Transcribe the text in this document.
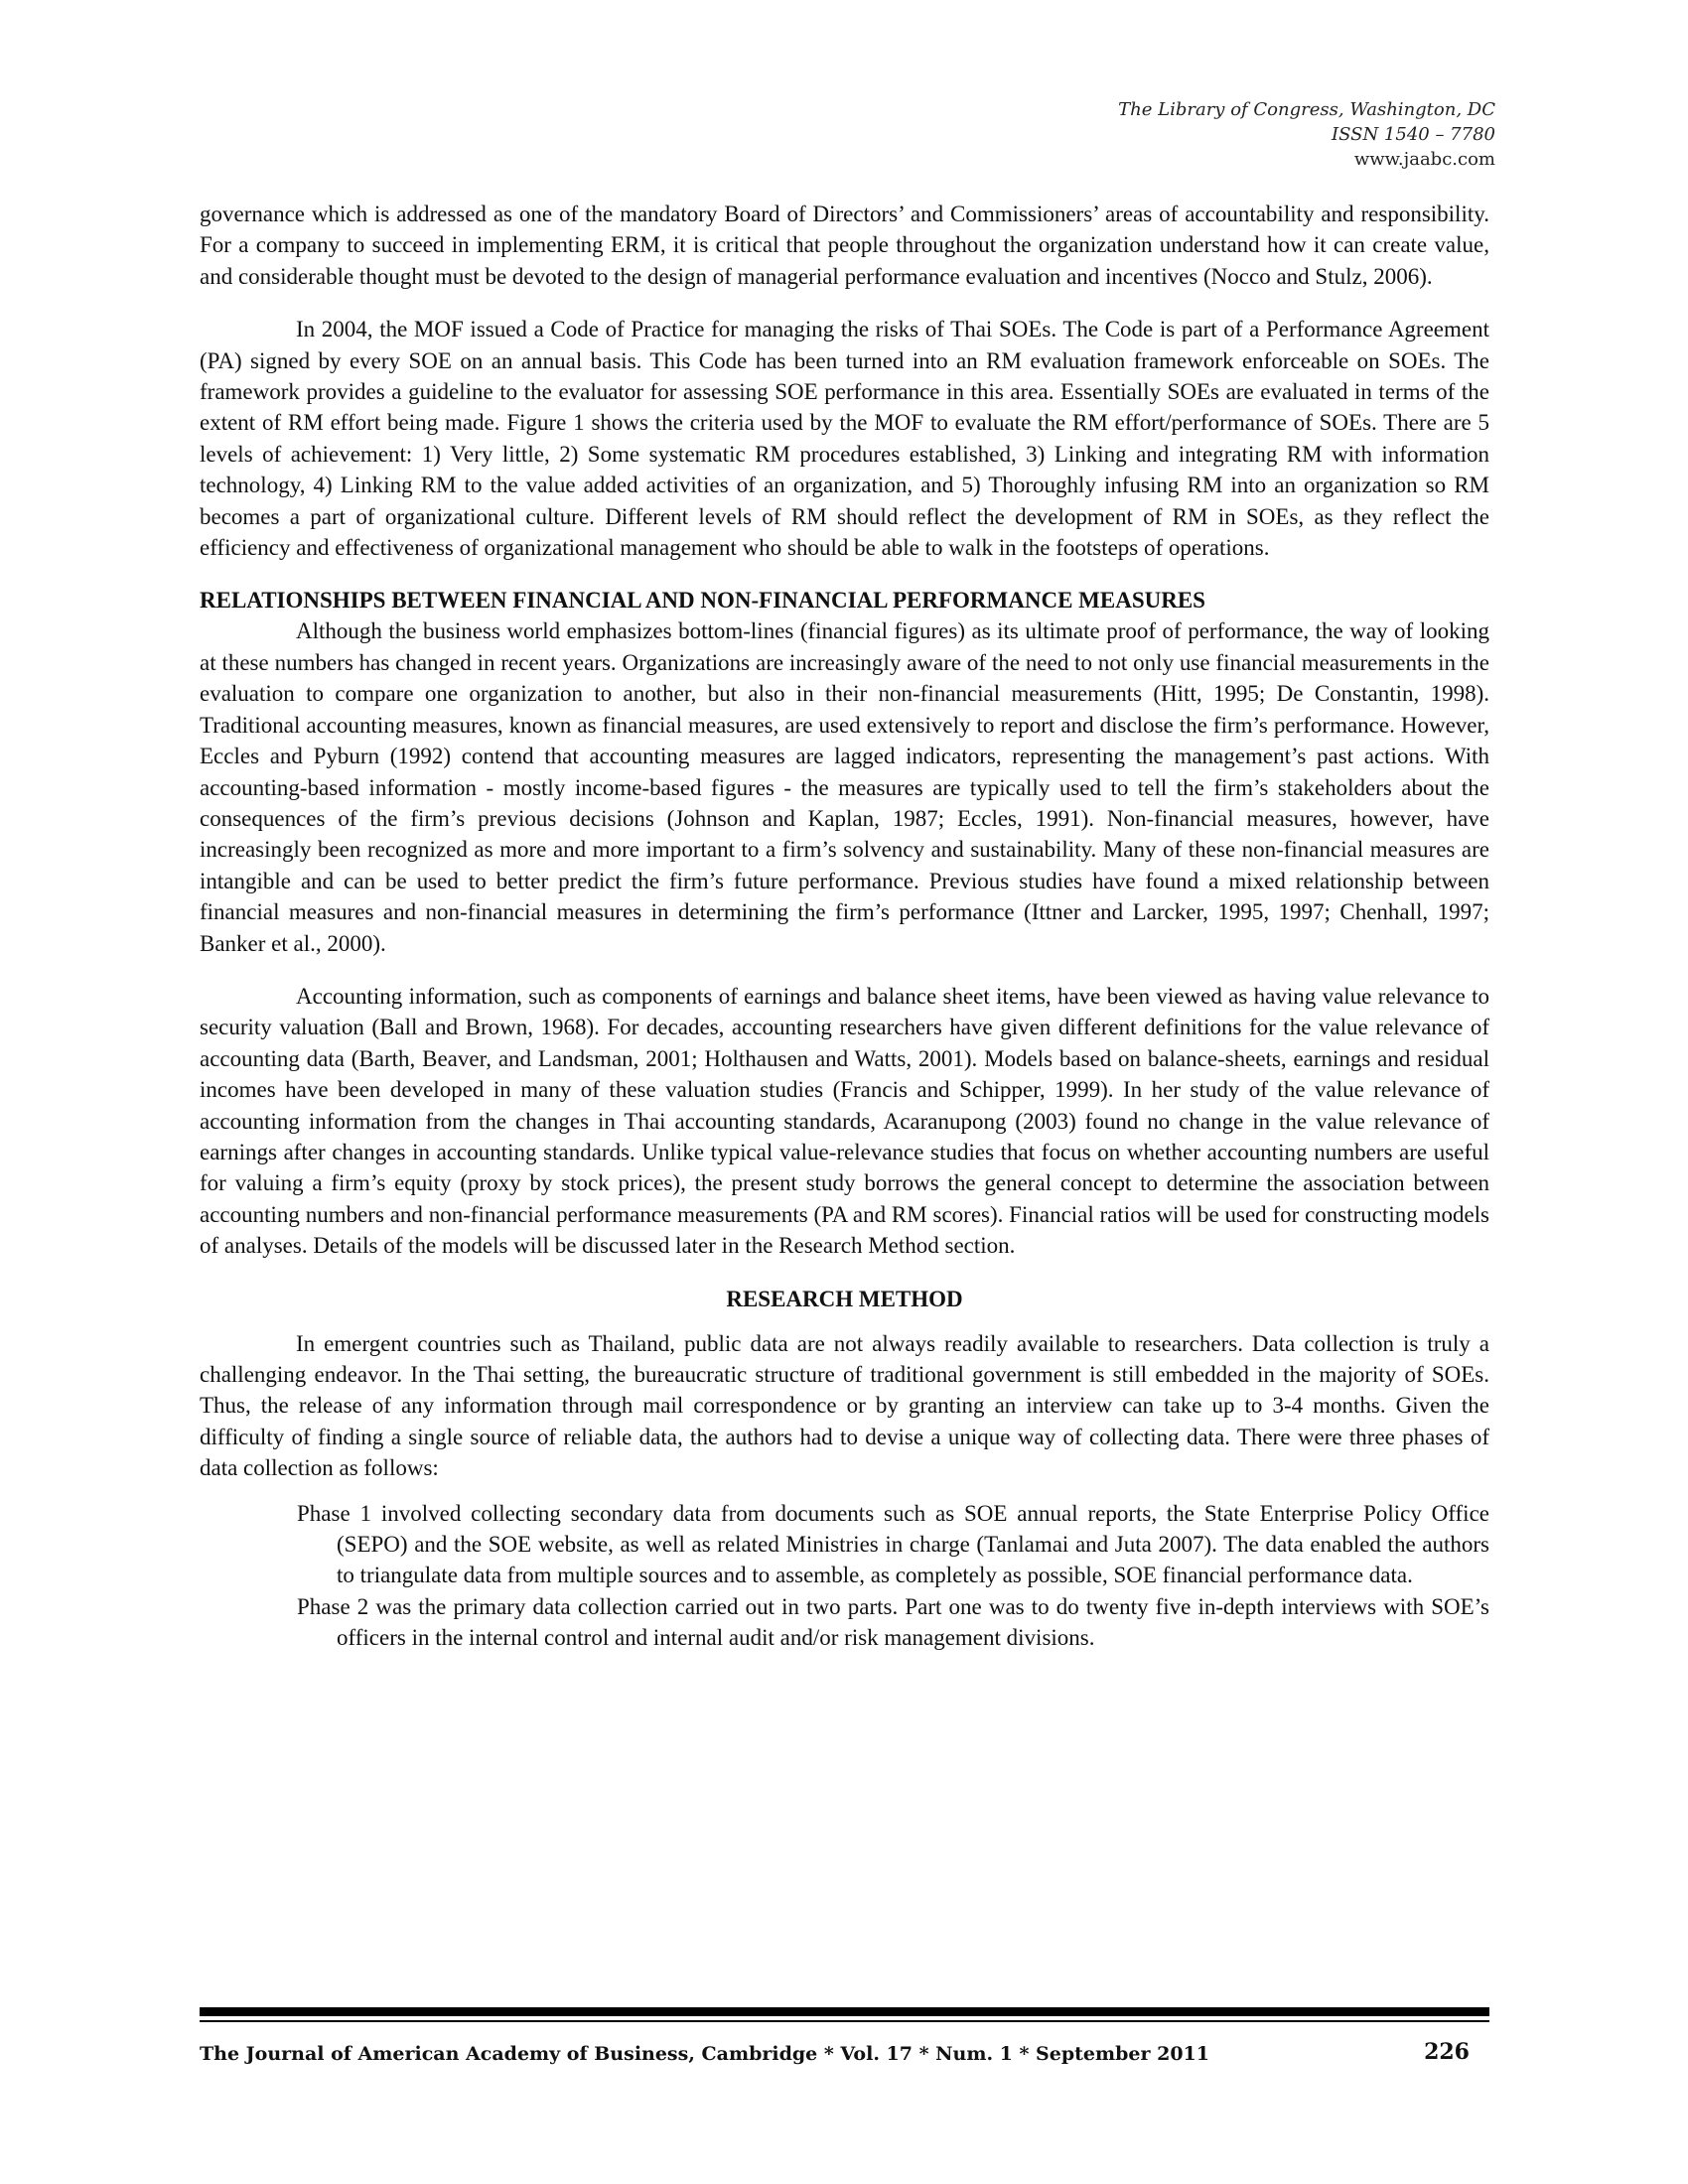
The Library of Congress, Washington, DC
ISSN 1540 – 7780
www.jaabc.com

governance which is addressed as one of the mandatory Board of Directors’ and Commissioners’ areas of accountability and responsibility. For a company to succeed in implementing ERM, it is critical that people throughout the organization understand how it can create value, and considerable thought must be devoted to the design of managerial performance evaluation and incentives (Nocco and Stulz, 2006).

In 2004, the MOF issued a Code of Practice for managing the risks of Thai SOEs. The Code is part of a Performance Agreement (PA) signed by every SOE on an annual basis. This Code has been turned into an RM evaluation framework enforceable on SOEs. The framework provides a guideline to the evaluator for assessing SOE performance in this area. Essentially SOEs are evaluated in terms of the extent of RM effort being made. Figure 1 shows the criteria used by the MOF to evaluate the RM effort/performance of SOEs. There are 5 levels of achievement: 1) Very little, 2) Some systematic RM procedures established, 3) Linking and integrating RM with information technology, 4) Linking RM to the value added activities of an organization, and 5) Thoroughly infusing RM into an organization so RM becomes a part of organizational culture. Different levels of RM should reflect the development of RM in SOEs, as they reflect the efficiency and effectiveness of organizational management who should be able to walk in the footsteps of operations.

RELATIONSHIPS BETWEEN FINANCIAL AND NON-FINANCIAL PERFORMANCE MEASURES

Although the business world emphasizes bottom-lines (financial figures) as its ultimate proof of performance, the way of looking at these numbers has changed in recent years. Organizations are increasingly aware of the need to not only use financial measurements in the evaluation to compare one organization to another, but also in their non-financial measurements (Hitt, 1995; De Constantin, 1998). Traditional accounting measures, known as financial measures, are used extensively to report and disclose the firm’s performance. However, Eccles and Pyburn (1992) contend that accounting measures are lagged indicators, representing the management’s past actions. With accounting-based information - mostly income-based figures - the measures are typically used to tell the firm’s stakeholders about the consequences of the firm’s previous decisions (Johnson and Kaplan, 1987; Eccles, 1991). Non-financial measures, however, have increasingly been recognized as more and more important to a firm’s solvency and sustainability. Many of these non-financial measures are intangible and can be used to better predict the firm’s future performance. Previous studies have found a mixed relationship between financial measures and non-financial measures in determining the firm’s performance (Ittner and Larcker, 1995, 1997; Chenhall, 1997; Banker et al., 2000).

Accounting information, such as components of earnings and balance sheet items, have been viewed as having value relevance to security valuation (Ball and Brown, 1968). For decades, accounting researchers have given different definitions for the value relevance of accounting data (Barth, Beaver, and Landsman, 2001; Holthausen and Watts, 2001). Models based on balance-sheets, earnings and residual incomes have been developed in many of these valuation studies (Francis and Schipper, 1999). In her study of the value relevance of accounting information from the changes in Thai accounting standards, Acaranupong (2003) found no change in the value relevance of earnings after changes in accounting standards. Unlike typical value-relevance studies that focus on whether accounting numbers are useful for valuing a firm’s equity (proxy by stock prices), the present study borrows the general concept to determine the association between accounting numbers and non-financial performance measurements (PA and RM scores). Financial ratios will be used for constructing models of analyses. Details of the models will be discussed later in the Research Method section.

RESEARCH METHOD

In emergent countries such as Thailand, public data are not always readily available to researchers. Data collection is truly a challenging endeavor. In the Thai setting, the bureaucratic structure of traditional government is still embedded in the majority of SOEs. Thus, the release of any information through mail correspondence or by granting an interview can take up to 3-4 months. Given the difficulty of finding a single source of reliable data, the authors had to devise a unique way of collecting data. There were three phases of data collection as follows:

Phase 1 involved collecting secondary data from documents such as SOE annual reports, the State Enterprise Policy Office (SEPO) and the SOE website, as well as related Ministries in charge (Tanlamai and Juta 2007). The data enabled the authors to triangulate data from multiple sources and to assemble, as completely as possible, SOE financial performance data.
Phase 2 was the primary data collection carried out in two parts. Part one was to do twenty five in-depth interviews with SOE’s officers in the internal control and internal audit and/or risk management divisions.
The Journal of American Academy of Business, Cambridge * Vol. 17 * Num. 1 * September 2011	226
